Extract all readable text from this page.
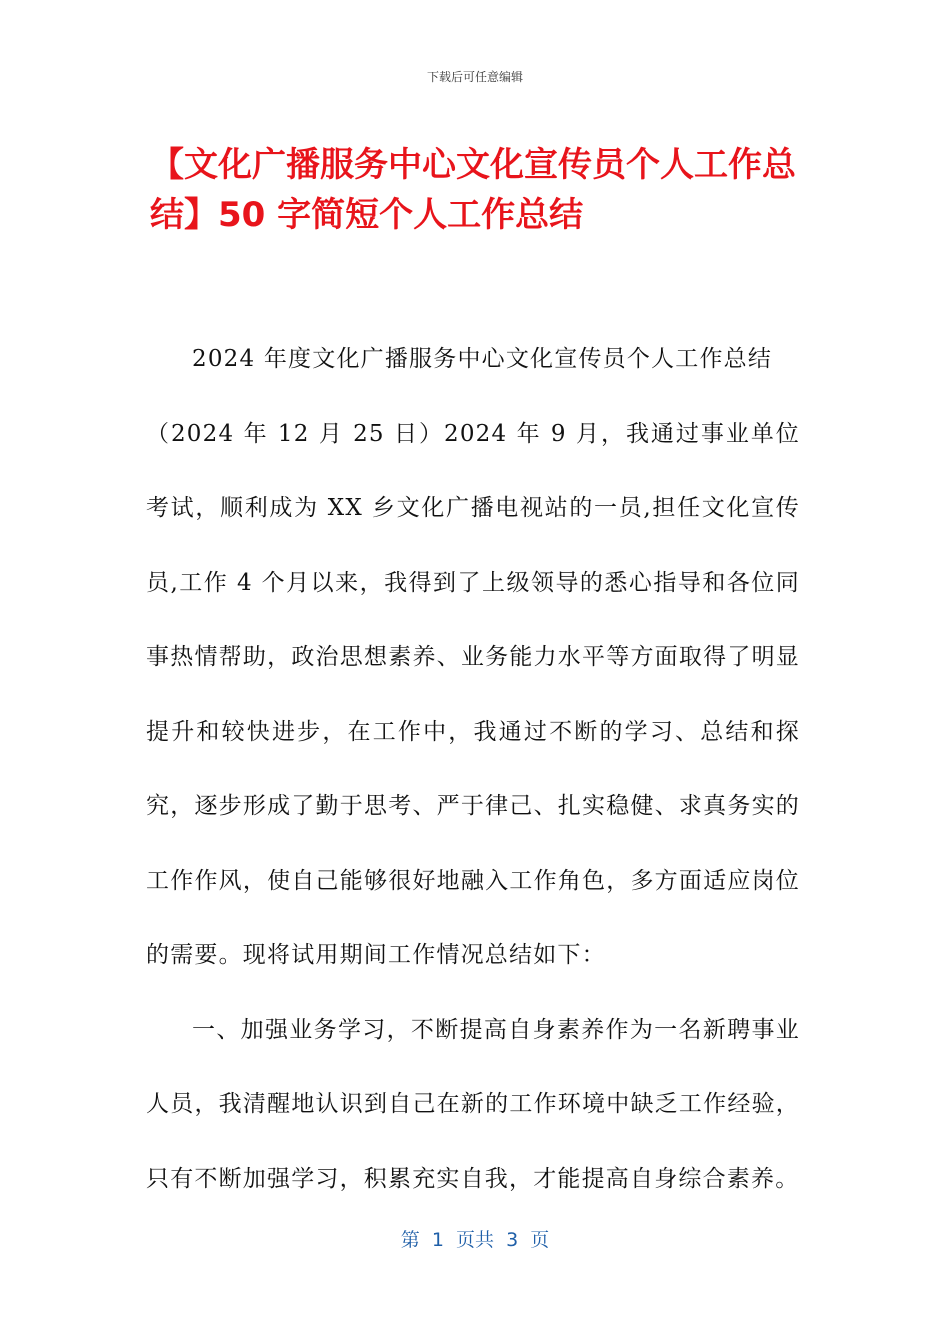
下载后可任意编辑
【文化广播服务中心文化宣传员个人工作总结】50 字简短个人工作总结

2024 年度文化广播服务中心文化宣传员个人工作总结

（2024 年 12 月 25 日）2024 年 9 月，我通过事业单位考试，顺利成为 XX 乡文化广播电视站的一员,担任文化宣传员,工作 4 个月以来，我得到了上级领导的悉心指导和各位同事热情帮助，政治思想素养、业务能力水平等方面取得了明显提升和较快进步，在工作中，我通过不断的学习、总结和探究，逐步形成了勤于思考、严于律己、扎实稳健、求真务实的工作作风，使自己能够很好地融入工作角色，多方面适应岗位的需要。现将试用期间工作情况总结如下：

一、加强业务学习，不断提高自身素养作为一名新聘事业人员，我清醒地认识到自己在新的工作环境中缺乏工作经验，只有不断加强学习，积累充实自我，才能提高自身综合素养。

第  1  页共  3  页
